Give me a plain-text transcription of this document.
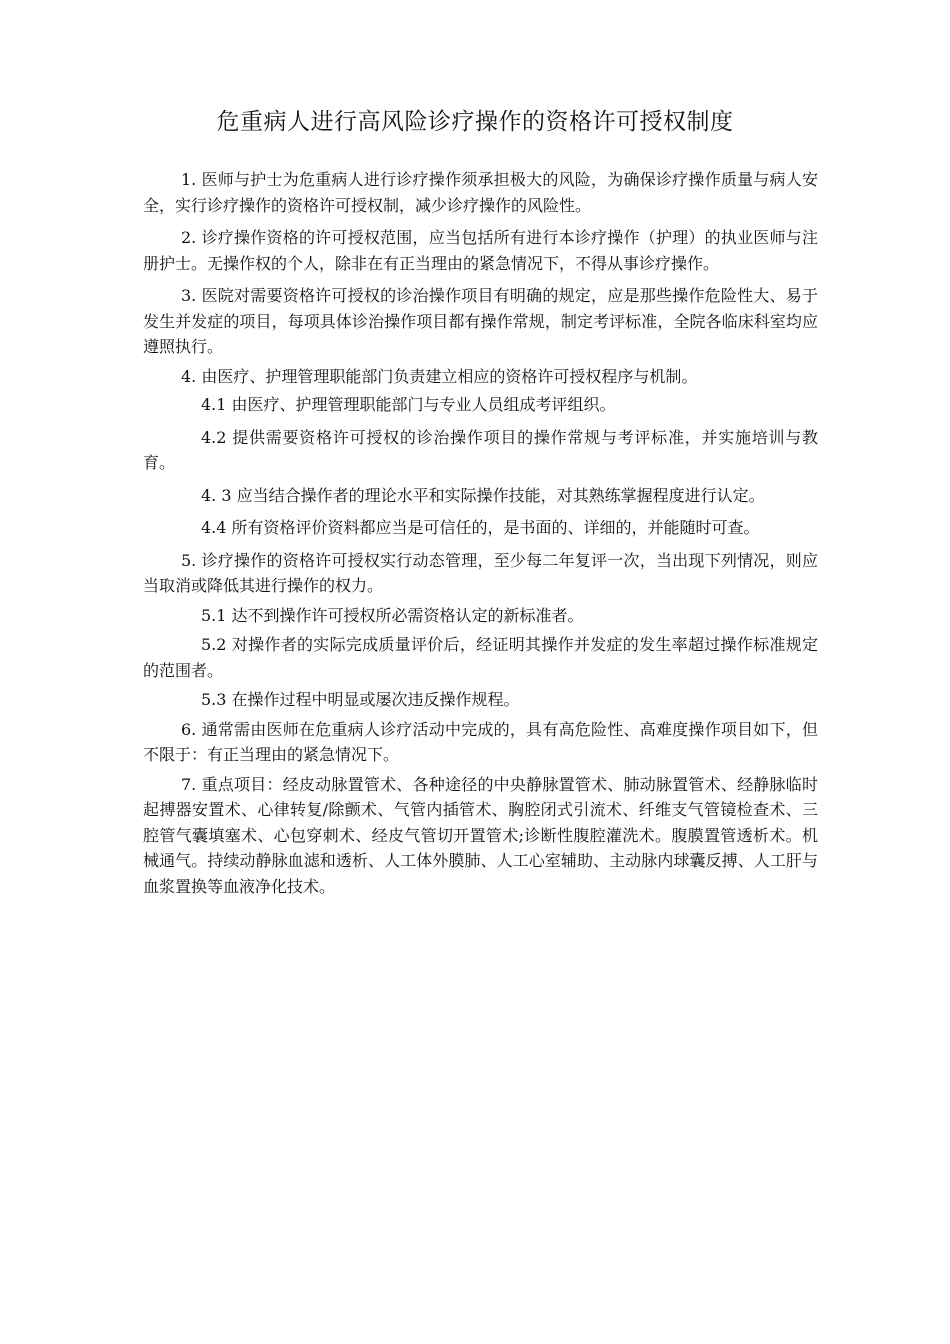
危重病人进行高风险诊疗操作的资格许可授权制度

1. 医师与护士为危重病人进行诊疗操作须承担极大的风险，为确保诊疗操作质量与病人安全，实行诊疗操作的资格许可授权制，减少诊疗操作的风险性。

2. 诊疗操作资格的许可授权范围，应当包括所有进行本诊疗操作（护理）的执业医师与注册护士。无操作权的个人，除非在有正当理由的紧急情况下，不得从事诊疗操作。

3. 医院对需要资格许可授权的诊治操作项目有明确的规定，应是那些操作危险性大、易于发生并发症的项目，每项具体诊治操作项目都有操作常规，制定考评标准，全院各临床科室均应遵照执行。

4. 由医疗、护理管理职能部门负责建立相应的资格许可授权程序与机制。

4.1 由医疗、护理管理职能部门与专业人员组成考评组织。

4.2 提供需要资格许可授权的诊治操作项目的操作常规与考评标准，并实施培训与教育。

4. 3 应当结合操作者的理论水平和实际操作技能，对其熟练掌握程度进行认定。

4.4 所有资格评价资料都应当是可信任的，是书面的、详细的，并能随时可查。

5. 诊疗操作的资格许可授权实行动态管理，至少每二年复评一次，当出现下列情况，则应当取消或降低其进行操作的权力。

5.1 达不到操作许可授权所必需资格认定的新标准者。

5.2 对操作者的实际完成质量评价后，经证明其操作并发症的发生率超过操作标准规定的范围者。

5.3 在操作过程中明显或屡次违反操作规程。

6. 通常需由医师在危重病人诊疗活动中完成的，具有高危险性、高难度操作项目如下，但不限于：有正当理由的紧急情况下。

7. 重点项目：经皮动脉置管术、各种途径的中央静脉置管术、肺动脉置管术、经静脉临时起搏器安置术、心律转复/除颤术、气管内插管术、胸腔闭式引流术、纤维支气管镜检查术、三腔管气囊填塞术、心包穿刺术、经皮气管切开置管术;诊断性腹腔灌洗术。腹膜置管透析术。机械通气。持续动静脉血滤和透析、人工体外膜肺、人工心室辅助、主动脉内球囊反搏、人工肝与血浆置换等血液净化技术。
